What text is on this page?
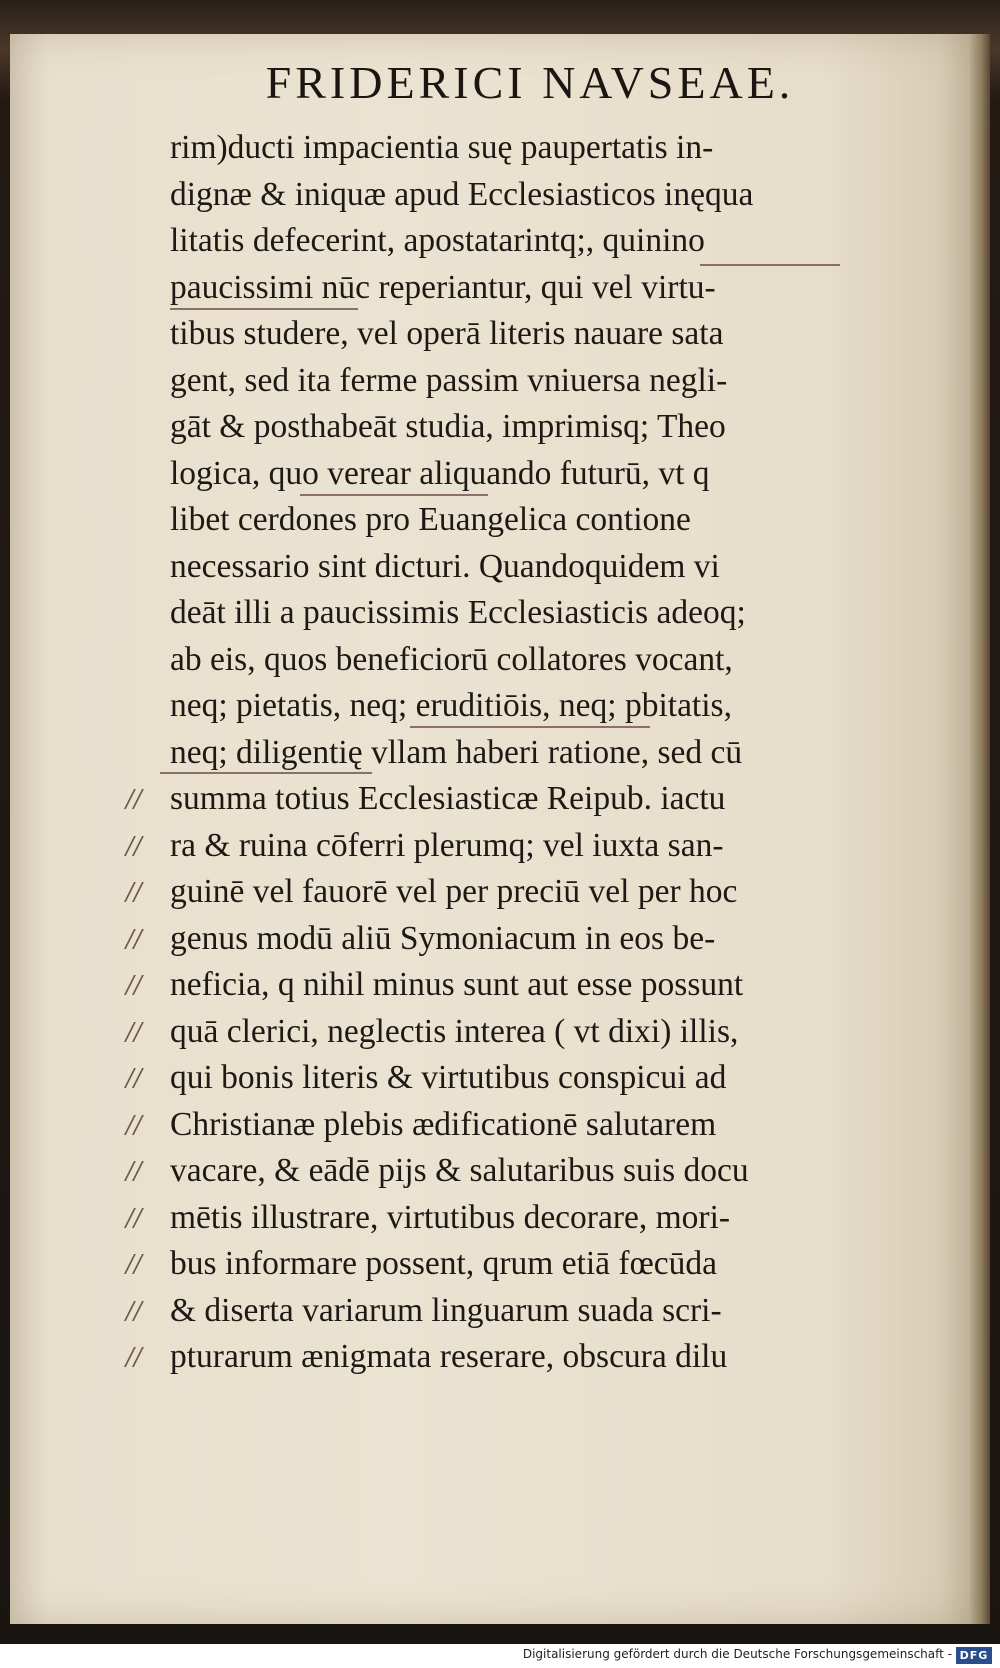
FRIDERICI NAVSEAE.
rim)ducti impacientia suę paupertatis in-
dignæ & iniquæ apud Ecclesiasticos inęqua
litatis defecerint, apostatarintq;, quinino
paucissimi nūc reperiantur, qui vel virtu-
tibus studere, vel operā literis nauare sata
gent, sed ita ferme passim vniuersa negli-
gāt & posthabeāt studia, imprimisq; Theo
logica, quo verear aliquando futurū, vt q
libet cerdones pro Euangelica contione
necessario sint dicturi. Quandoquidem vi
deāt illi a paucissimis Ecclesiasticis adeoq;
ab eis, quos beneficiorū collatores vocant,
neq; pietatis, neq; eruditiōis, neq; pbitatis,
neq; diligentię vllam haberi ratione, sed cū
// summa totius Ecclesiasticæ Reipub. iactu
// ra & ruina cōferri plerumq; vel iuxta san-
// guinē vel fauorē vel per preciū vel per hoc
// genus modū aliū Symoniacum in eos be-
// neficia, q nihil minus sunt aut esse possunt
// quā clerici, neglectis interea ( vt dixi) illis,
// qui bonis literis & virtutibus conspicui ad
// Christianæ plebis ædificationē salutarem
// vacare, & eādē pijs & salutaribus suis docu
// mētis illustrare, virtutibus decorare, mori-
// bus informare possent, qrum etiā fœcūda
// & diserta variarum linguarum suada scri-
// pturarum ænigmata reserare, obscura dilu
Digitalisierung gefördert durch die Deutsche Forschungsgemeinschaft - DFG
